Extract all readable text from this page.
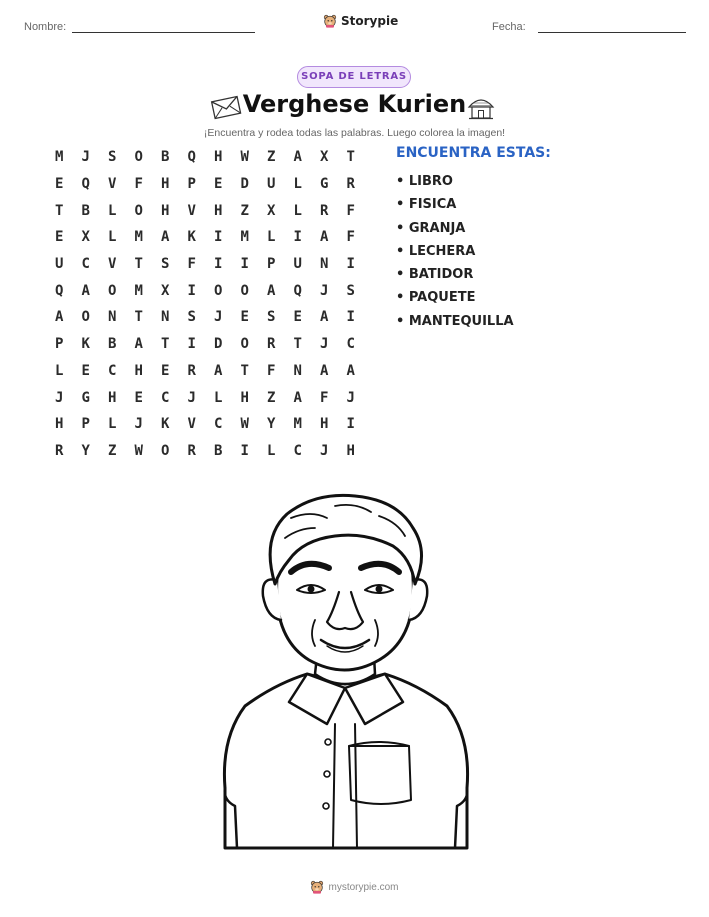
Nombre:	Storypie	Fecha:
SOPA DE LETRAS
Verghese Kurien
¡Encuentra y rodea todas las palabras. Luego colorea la imagen!
M	J	S	O	B	Q	H	W	Z	A	X	T
E	Q	V	F	H	P	E	D	U	L	G	R
T	B	L	O	H	V	H	Z	X	L	R	F
E	X	L	M	A	K	I	M	L	I	A	F
U	C	V	T	S	F	I	I	P	U	N	I
Q	A	O	M	X	I	O	O	A	Q	J	S
A	O	N	T	N	S	J	E	S	E	A	I
P	K	B	A	T	I	D	O	R	T	J	C
L	E	C	H	E	R	A	T	F	N	A	A
J	G	H	E	C	J	L	H	Z	A	F	J
H	P	L	J	K	V	C	W	Y	M	H	I
R	Y	Z	W	O	R	B	I	L	C	J	H
ENCUENTRA ESTAS:
• LIBRO
• FISICA
• GRANJA
• LECHERA
• BATIDOR
• PAQUETE
• MANTEQUILLA
mystorypie.com
